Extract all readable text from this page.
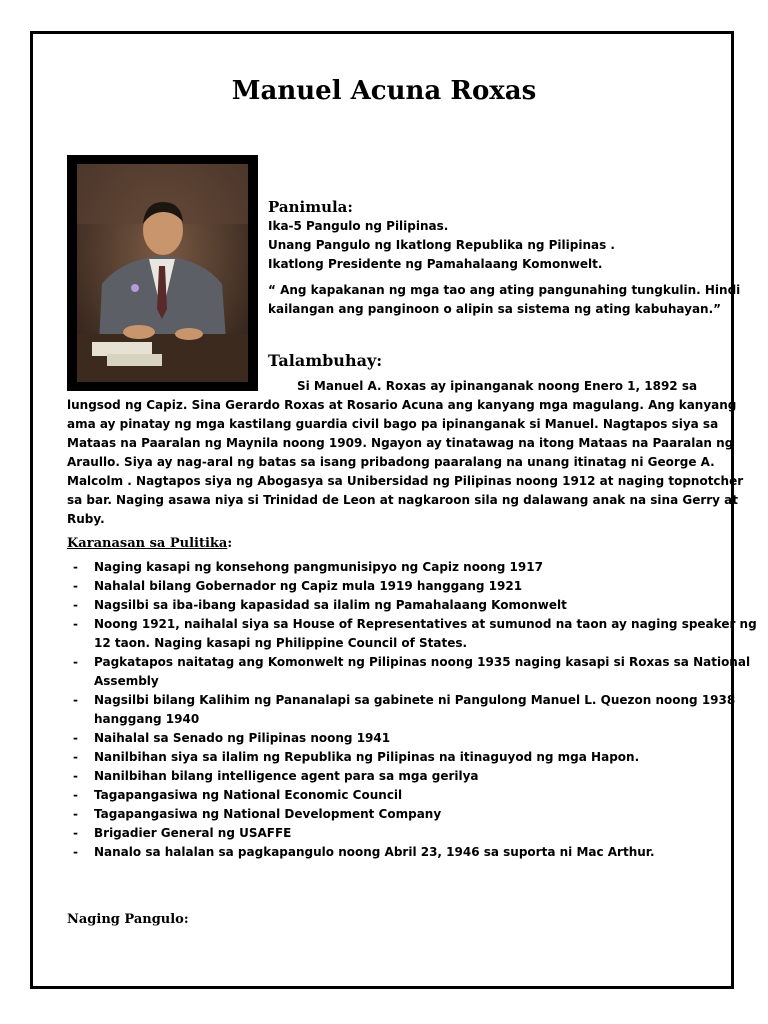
Manuel Acuna Roxas
Panimula:
Ika-5 Pangulo ng Pilipinas.
Unang Pangulo ng Ikatlong Republika ng Pilipinas .
Ikatlong Presidente ng Pamahalaang Komonwelt.
“ Ang kapakanan ng mga tao ang ating pangunahing tungkulin. Hindi
kailangan ang panginoon o alipin sa sistema ng ating kabuhayan.”
Talambuhay:
Si Manuel A. Roxas ay ipinanganak noong Enero 1, 1892 sa
lungsod ng Capiz. Sina Gerardo Roxas at Rosario Acuna ang kanyang mga magulang. Ang kanyang
ama ay pinatay ng mga kastilang guardia civil bago pa ipinanganak si Manuel. Nagtapos siya sa
Mataas na Paaralan ng Maynila noong 1909. Ngayon ay tinatawag na itong Mataas na Paaralan ng
Araullo. Siya ay nag-aral ng batas sa isang pribadong paaralang na unang itinatag ni George A.
Malcolm . Nagtapos siya ng Abogasya sa Unibersidad ng Pilipinas noong 1912 at naging topnotcher
sa bar. Naging asawa niya si Trinidad de Leon at nagkaroon sila ng dalawang anak na sina Gerry at
Ruby.
Karanasan sa Pulitika:
- Naging kasapi ng konsehong pangmunisipyo ng Capiz noong 1917
- Nahalal bilang Gobernador ng Capiz mula 1919 hanggang 1921
- Nagsilbi sa iba-ibang kapasidad sa ilalim ng Pamahalaang Komonwelt
- Noong 1921, naihalal siya sa House of Representatives at sumunod na taon ay naging speaker ng
12 taon. Naging kasapi ng Philippine Council of States.
- Pagkatapos naitatag ang Komonwelt ng Pilipinas noong 1935 naging kasapi si Roxas sa National
Assembly
- Nagsilbi bilang Kalihim ng Pananalapi sa gabinete ni Pangulong Manuel L. Quezon noong 1938
hanggang 1940
- Naihalal sa Senado ng Pilipinas noong 1941
- Nanilbihan siya sa ilalim ng Republika ng Pilipinas na itinaguyod ng mga Hapon.
- Nanilbihan bilang intelligence agent para sa mga gerilya
- Tagapangasiwa ng National Economic Council
- Tagapangasiwa ng National Development Company
- Brigadier General ng USAFFE
- Nanalo sa halalan sa pagkapangulo noong Abril 23, 1946 sa suporta ni Mac Arthur.
Naging Pangulo:
